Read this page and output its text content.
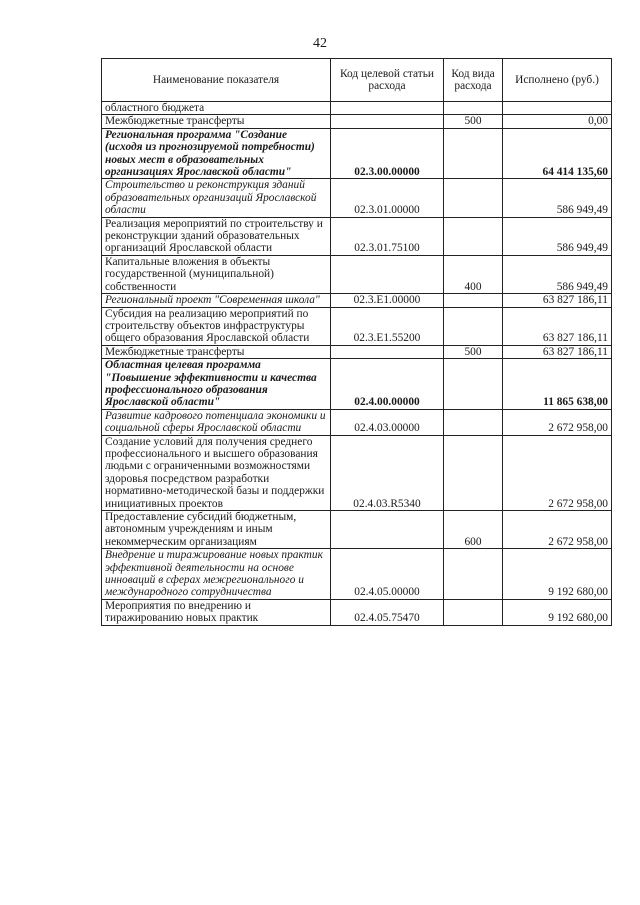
42
Наименование показателя	Код целевой статьи расхода	Код вида расхода	Исполнено (руб.)
областного бюджета			
Межбюджетные трансферты		500	0,00
Региональная программа "Создание (исходя из прогнозируемой потребности) новых мест в образовательных организациях Ярославской области"	02.3.00.00000		64 414 135,60
Строительство и реконструкция зданий образовательных организаций Ярославской области	02.3.01.00000		586 949,49
Реализация мероприятий по строительству и реконструкции зданий образовательных организаций Ярославской области	02.3.01.75100		586 949,49
Капитальные вложения в объекты государственной (муниципальной) собственности		400	586 949,49
Региональный проект "Современная школа"	02.3.E1.00000		63 827 186,11
Субсидия на реализацию мероприятий по строительству объектов инфраструктуры общего образования Ярославской области	02.3.E1.55200		63 827 186,11
Межбюджетные трансферты		500	63 827 186,11
Областная целевая программа "Повышение эффективности и качества профессионального образования Ярославской области"	02.4.00.00000		11 865 638,00
Развитие кадрового потенциала экономики и социальной сферы Ярославской области	02.4.03.00000		2 672 958,00
Создание условий для получения среднего профессионального и высшего образования людьми с ограниченными возможностями здоровья посредством разработки нормативно-методической базы и поддержки инициативных проектов	02.4.03.R5340		2 672 958,00
Предоставление субсидий бюджетным, автономным учреждениям и иным некоммерческим организациям		600	2 672 958,00
Внедрение и тиражирование новых практик эффективной деятельности на основе инноваций в сферах межрегионального и международного сотрудничества	02.4.05.00000		9 192 680,00
Мероприятия по внедрению и тиражированию новых практик	02.4.05.75470		9 192 680,00
